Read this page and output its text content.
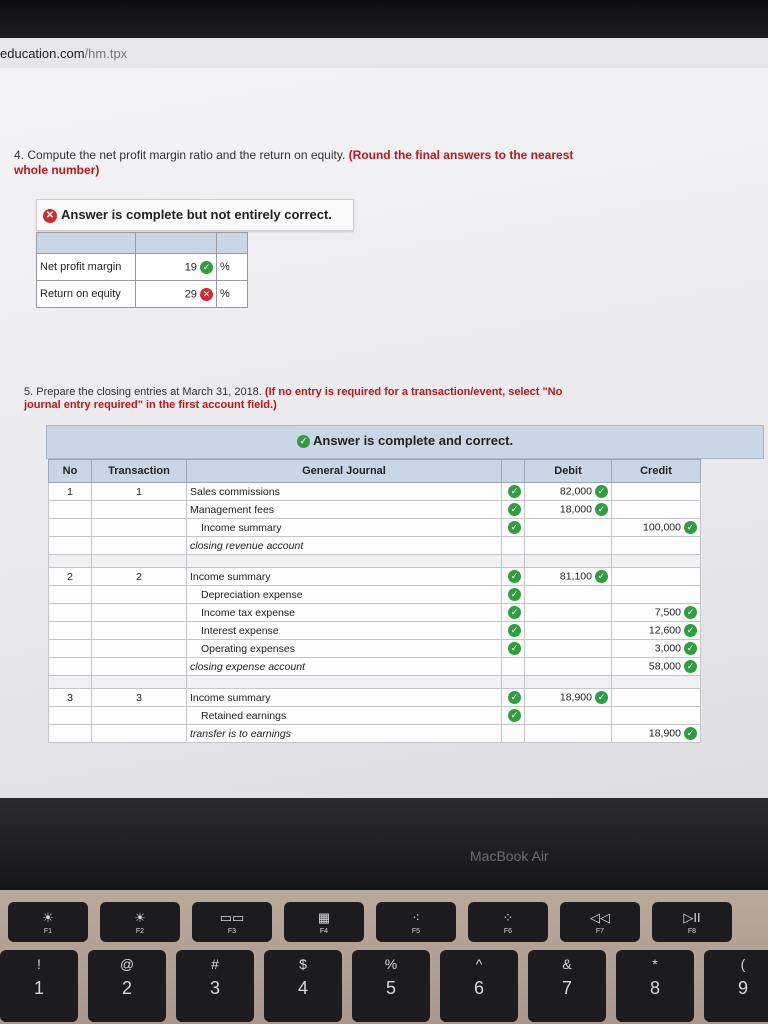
education.com/hm.tpx
4. Compute the net profit margin ratio and the return on equity. (Round the final answers to the nearest whole number)
✕ Answer is complete but not entirely correct.

Net profit margin	19 ✓	%
Return on equity	29 ✕	%
5. Prepare the closing entries at March 31, 2018. (If no entry is required for a transaction/event, select "No journal entry required" in the first account field.)
✓ Answer is complete and correct.
No	Transaction	General Journal		Debit	Credit
1	1	Sales commissions	✓	82,000 ✓	
		Management fees	✓	18,000 ✓	
		Income summary	✓		100,000 ✓
		closing revenue account			

2	2	Income summary	✓	81,100 ✓	
		Depreciation expense	✓		
		Income tax expense	✓		7,500 ✓
		Interest expense	✓		12,600 ✓
		Operating expenses	✓		3,000 ✓
		closing expense account			58,000 ✓

3	3	Income summary	✓	18,900 ✓	
		Retained earnings	✓		
		transfer is to earnings			18,900 ✓
MacBook Air
☀
F1
☀
F2
▭▭
F3
▦
F4
⁖
F5
⁘
F6
◁◁
F7
▷II
F8
!
1
@
2
#
3
$
4
%
5
^
6
&
7
*
8
(
9
